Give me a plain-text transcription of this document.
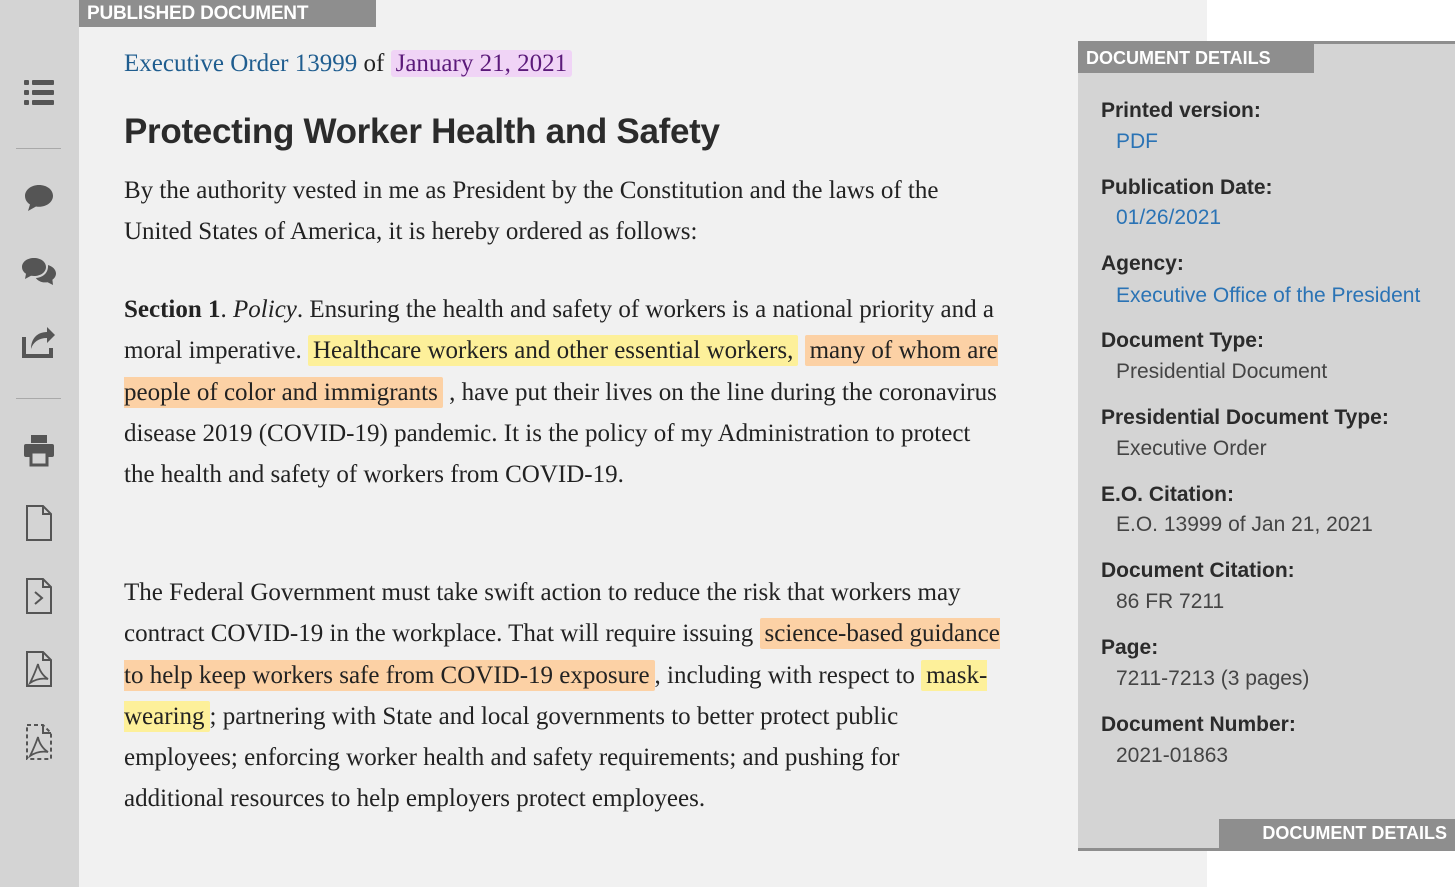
PUBLISHED DOCUMENT
Executive Order 13999 of January 21, 2021
Protecting Worker Health and Safety

By the authority vested in me as President by the Constitution and the laws of the United States of America, it is hereby ordered as follows:

Section 1. Policy. Ensuring the health and safety of workers is a national priority and a moral imperative. Healthcare workers and other essential workers, many of whom are people of color and immigrants , have put their lives on the line during the coronavirus disease 2019 (COVID-19) pandemic. It is the policy of my Administration to protect the health and safety of workers from COVID-19.

The Federal Government must take swift action to reduce the risk that workers may contract COVID-19 in the workplace. That will require issuing science-based guidance to help keep workers safe from COVID-19 exposure , including with respect to mask-wearing ; partnering with State and local governments to better protect public employees; enforcing worker health and safety requirements; and pushing for additional resources to help employers protect employees.

DOCUMENT DETAILS
Printed version:
PDF
Publication Date:
01/26/2021
Agency:
Executive Office of the President
Document Type:
Presidential Document
Presidential Document Type:
Executive Order
E.O. Citation:
E.O. 13999 of Jan 21, 2021
Document Citation:
86 FR 7211
Page:
7211-7213 (3 pages)
Document Number:
2021-01863
DOCUMENT DETAILS
